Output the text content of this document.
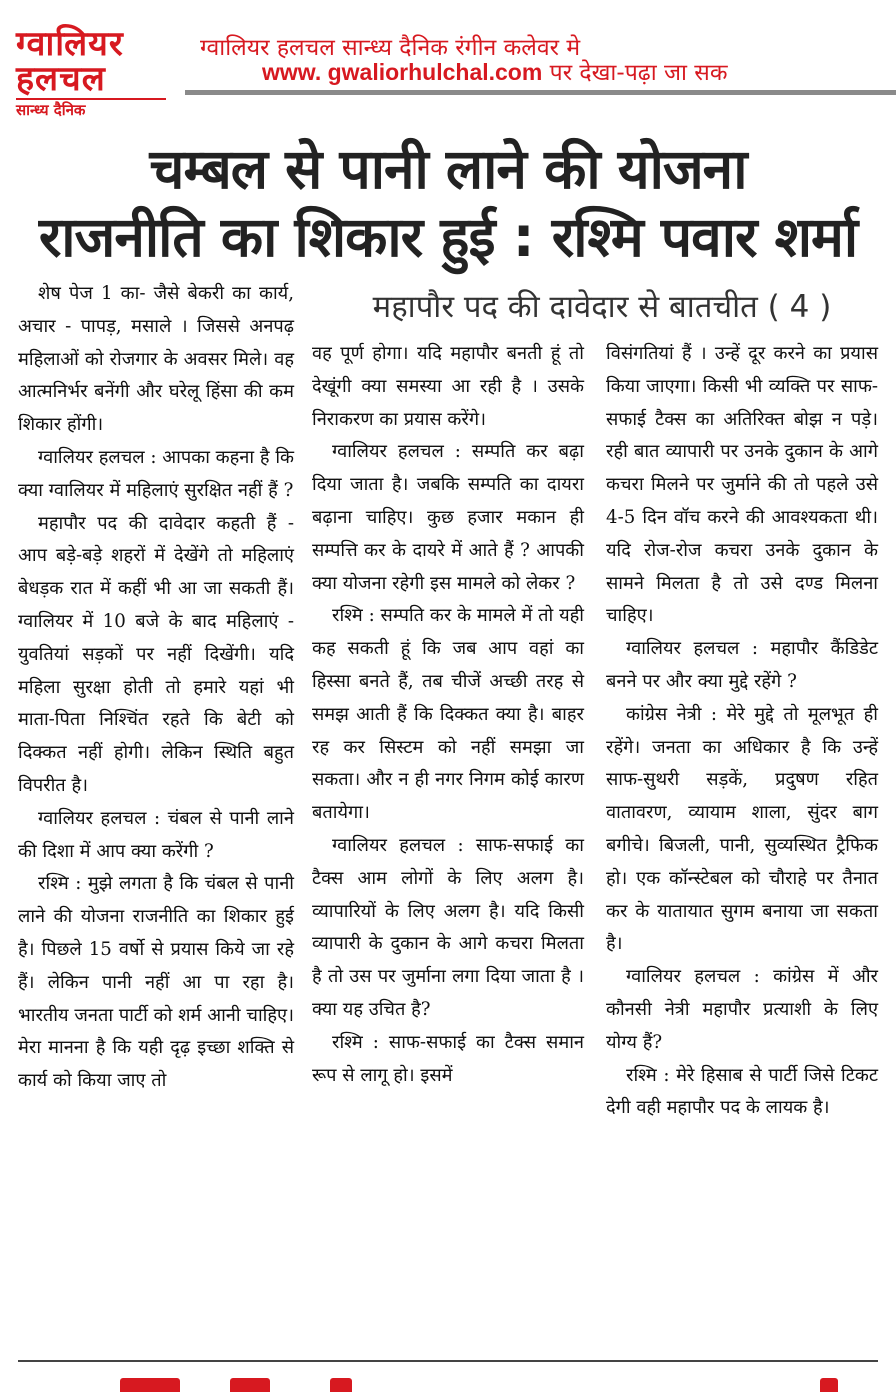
ग्वालियर
हलचल
सान्ध्य दैनिक
ग्वालियर हलचल सान्ध्य दैनिक रंगीन कलेवर मे
www. gwaliorhulchal.com पर देखा-पढ़ा जा सक
चम्बल से पानी लाने की योजना
राजनीति का शिकार हुई : रश्मि पवार शर्मा
महापौर पद की दावेदार से बातचीत ( 4 )

शेष पेज 1 का- जैसे बेकरी का कार्य, अचार - पापड़, मसाले । जिससे अनपढ़ महिलाओं को रोजगार के अवसर मिले। वह आत्मनिर्भर बनेंगी और घरेलू हिंसा की कम शिकार होंगी।

ग्वालियर हलचल : आपका कहना है कि क्या ग्वालियर में महिलाएं सुरक्षित नहीं हैं ?

महापौर पद की दावेदार कहती हैं - आप बड़े-बड़े शहरों में देखेंगे तो महिलाएं बेधड़क रात में कहीं भी आ जा सकती हैं। ग्वालियर में 10 बजे के बाद महिलाएं - युवतियां सड़कों पर नहीं दिखेंगी। यदि महिला सुरक्षा होती तो हमारे यहां भी माता-पिता निश्चिंत रहते कि बेटी को दिक्कत नहीं होगी। लेकिन स्थिति बहुत विपरीत है।

ग्वालियर हलचल : चंबल से पानी लाने की दिशा में आप क्या करेंगी ?

रश्मि : मुझे लगता है कि चंबल से पानी लाने की योजना राजनीति का शिकार हुई है। पिछले 15 वर्षो से प्रयास किये जा रहे हैं। लेकिन पानी नहीं आ पा रहा है। भारतीय जनता पार्टी को शर्म आनी चाहिए। मेरा मानना है कि यही दृढ़ इच्छा शक्ति से कार्य को किया जाए तो

वह पूर्ण होगा। यदि महापौर बनती हूं तो देखूंगी क्या समस्या आ रही है । उसके निराकरण का प्रयास करेंगे।

ग्वालियर हलचल : सम्पति कर बढ़ा दिया जाता है। जबकि सम्पति का दायरा बढ़ाना चाहिए। कुछ हजार मकान ही सम्पत्ति कर के दायरे में आते हैं ? आपकी क्या योजना रहेगी इस मामले को लेकर ?

रश्मि : सम्पति कर के मामले में तो यही कह सकती हूं कि जब आप वहां का हिस्सा बनते हैं, तब चीजें अच्छी तरह से समझ आती हैं कि दिक्कत क्या है। बाहर रह कर सिस्टम को नहीं समझा जा सकता। और न ही नगर निगम कोई कारण बतायेगा।

ग्वालियर हलचल : साफ-सफाई का टैक्स आम लोगों के लिए अलग है। व्यापारियों के लिए अलग है। यदि किसी व्यापारी के दुकान के आगे कचरा मिलता है तो उस पर जुर्माना लगा दिया जाता है । क्या यह उचित है?

रश्मि : साफ-सफाई का टैक्स समान रूप से लागू हो। इसमें

विसंगतियां हैं । उन्हें दूर करने का प्रयास किया जाएगा। किसी भी व्यक्ति पर साफ-सफाई टैक्स का अतिरिक्त बोझ न पड़े। रही बात व्यापारी पर उनके दुकान के आगे कचरा मिलने पर जुर्माने की तो पहले उसे 4-5 दिन वॉच करने की आवश्यकता थी। यदि रोज-रोज कचरा उनके दुकान के सामने मिलता है तो उसे दण्ड मिलना चाहिए।

ग्वालियर हलचल : महापौर कैंडिडेट बनने पर और क्या मुद्दे रहेंगे ?

कांग्रेस नेत्री : मेरे मुद्दे तो मूलभूत ही रहेंगे। जनता का अधिकार है कि उन्हें साफ-सुथरी सड़कें, प्रदुषण रहित वातावरण, व्यायाम शाला, सुंदर बाग बगीचे। बिजली, पानी, सुव्यस्थित ट्रैफिक हो। एक कॉन्स्टेबल को चौराहे पर तैनात कर के यातायात सुगम बनाया जा सकता है।

ग्वालियर हलचल : कांग्रेस में और कौनसी नेत्री महापौर प्रत्याशी के लिए योग्य हैं?

रश्मि : मेरे हिसाब से पार्टी जिसे टिकट देगी वही महापौर पद के लायक है।
